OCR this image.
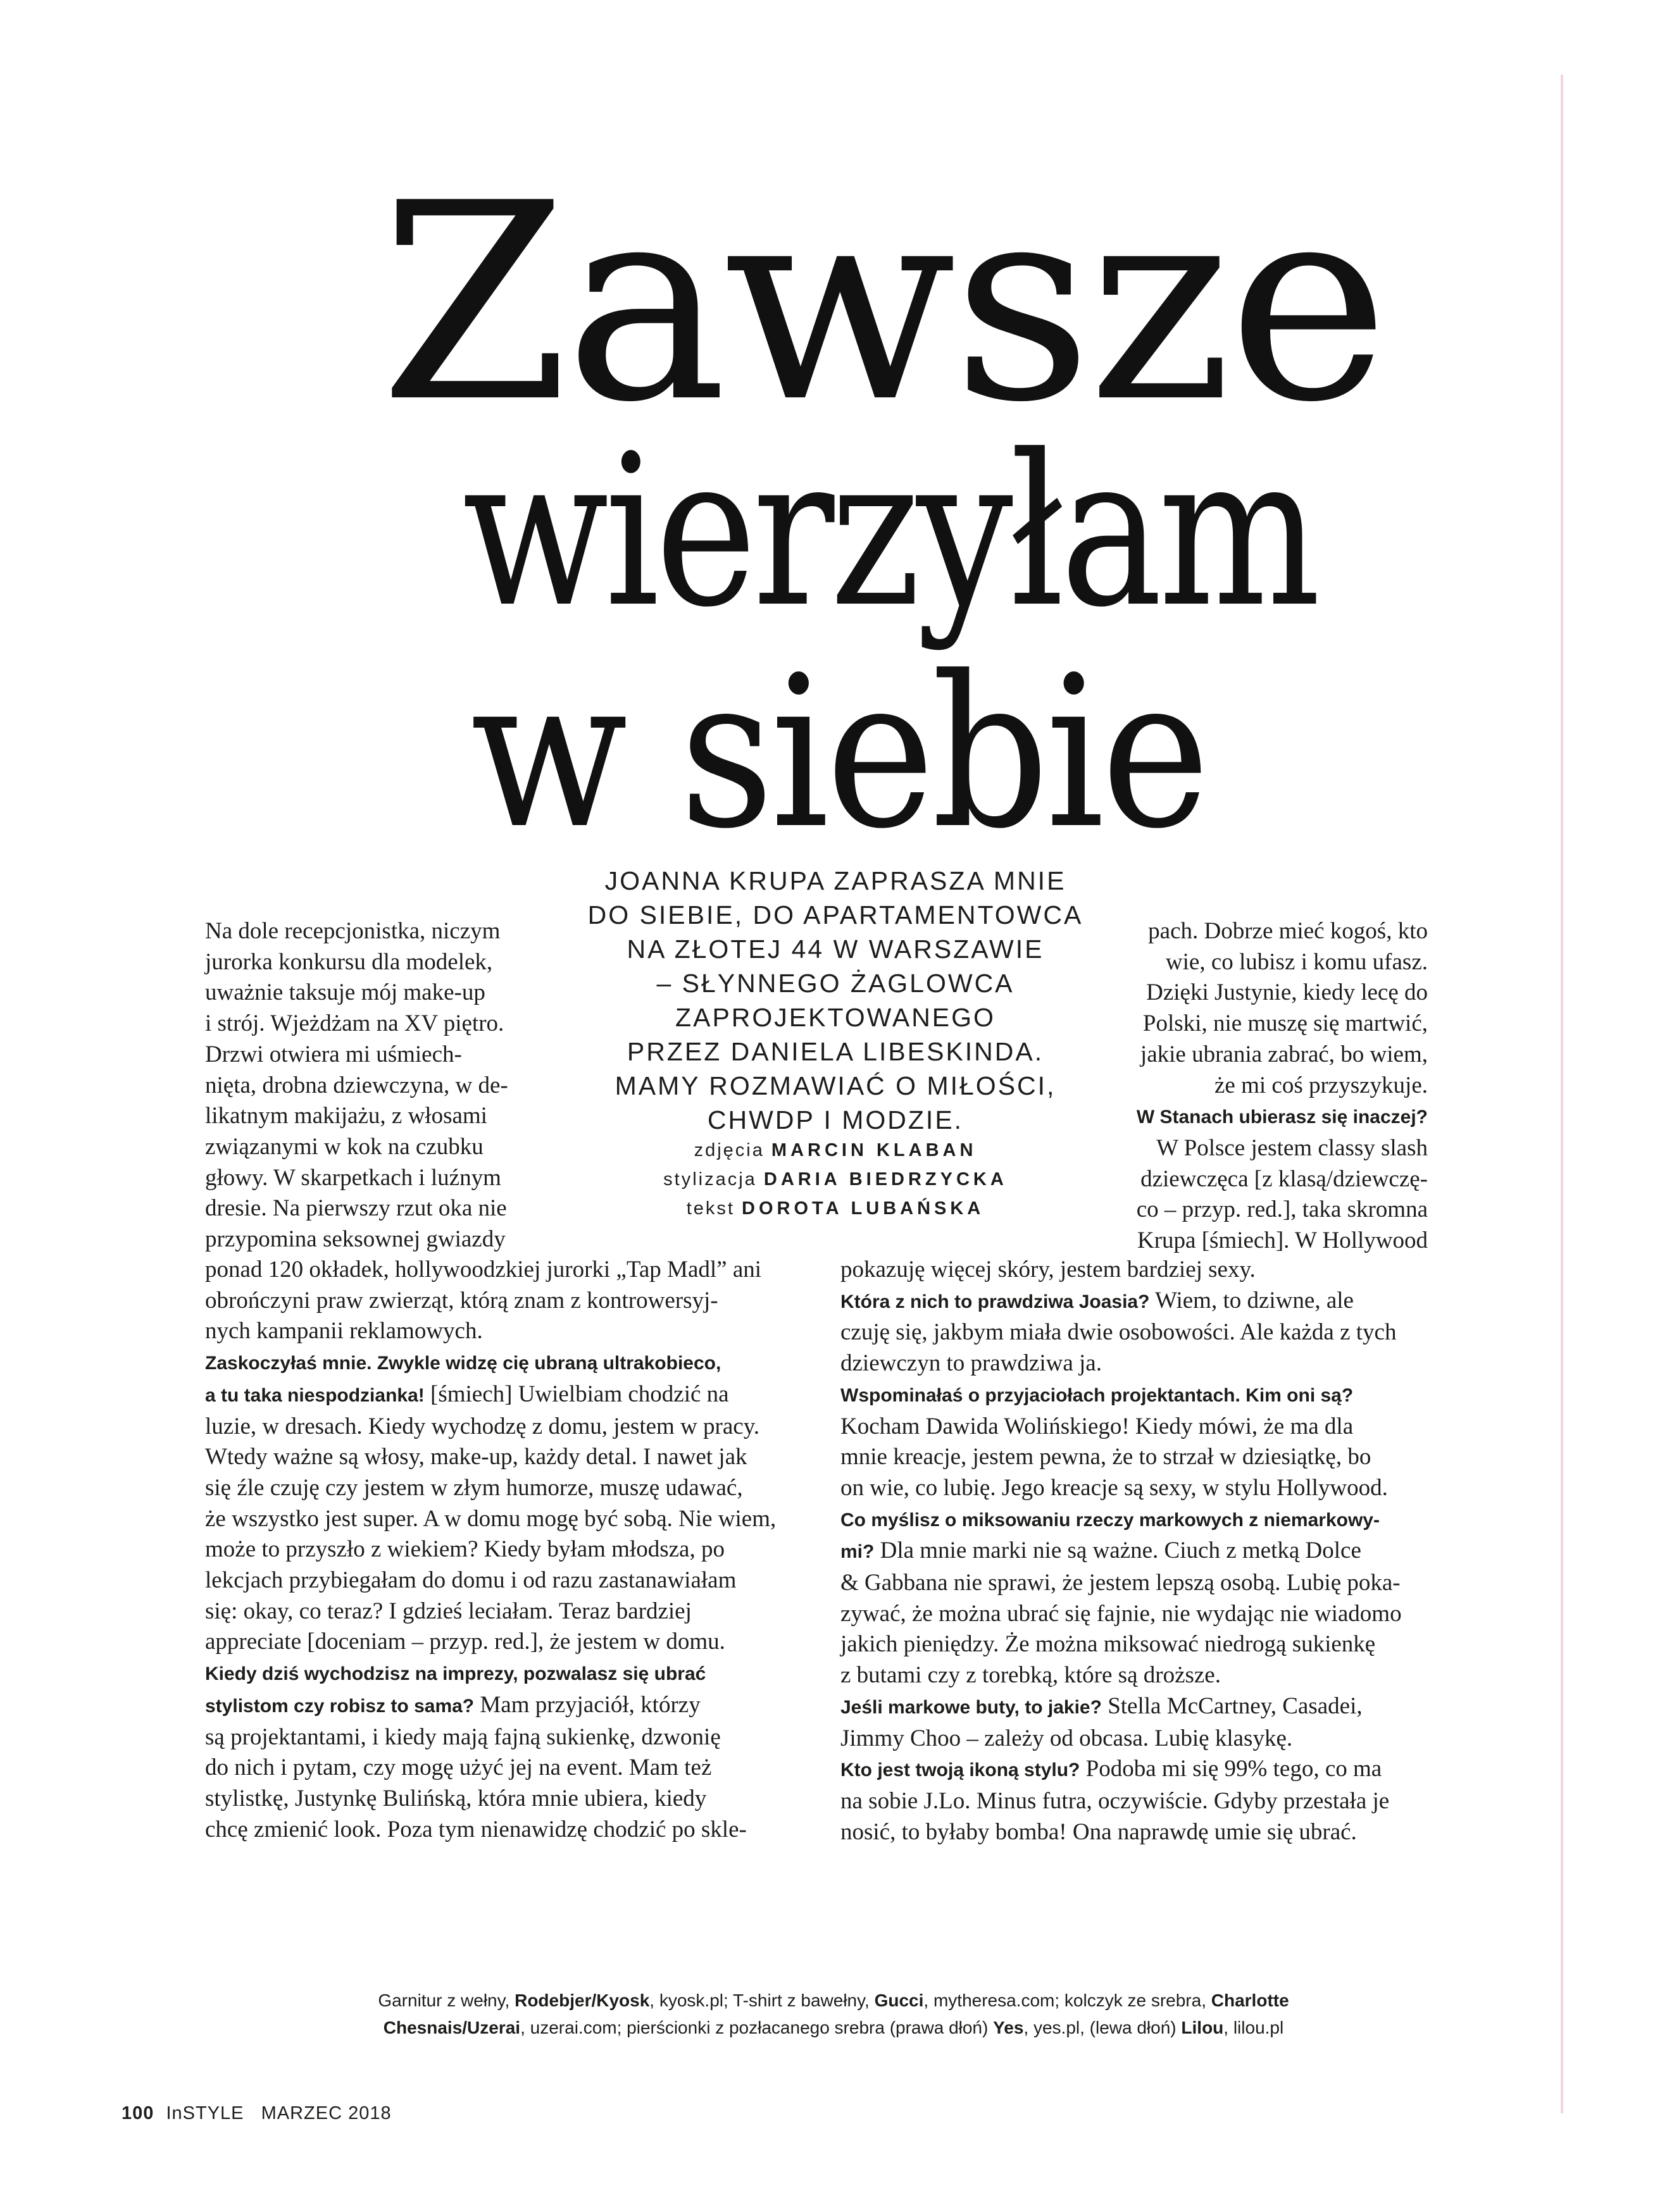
Zawsze
wierzyłam
w siebie

JOANNA KRUPA ZAPRASZA MNIE

DO SIEBIE, DO APARTAMENTOWCA

NA ZŁOTEJ 44 W WARSZAWIE

– SŁYNNEGO ŻAGLOWCA

ZAPROJEKTOWANEGO

PRZEZ DANIELA LIBESKINDA.

MAMY ROZMAWIAĆ O MIŁOŚCI,

CHWDP I MODZIE.

zdjęcia MARCIN KLABAN
stylizacja DARIA BIEDRZYCKA
tekst DOROTA LUBAŃSKA
Na dole recepcjonistka, niczym
jurorka konkursu dla modelek,
uważnie taksuje mój make-up
i strój. Wjeżdżam na XV piętro.
Drzwi otwiera mi uśmiech-
nięta, drobna dziewczyna, w de-
likatnym makijażu, z włosami
związanymi w kok na czubku
głowy. W skarpetkach i luźnym
dresie. Na pierwszy rzut oka nie
przypomina seksownej gwiazdy
ponad 120 okładek, hollywoodzkiej jurorki „Tap Madl” ani
obrończyni praw zwierząt, którą znam z kontrowersyj-
nych kampanii reklamowych.
Zaskoczyłaś mnie. Zwykle widzę cię ubraną ultrakobieco,
a tu taka niespodzianka! [śmiech] Uwielbiam chodzić na
luzie, w dresach. Kiedy wychodzę z domu, jestem w pracy.
Wtedy ważne są włosy, make-up, każdy detal. I nawet jak
się źle czuję czy jestem w złym humorze, muszę udawać,
że wszystko jest super. A w domu mogę być sobą. Nie wiem,
może to przyszło z wiekiem? Kiedy byłam młodsza, po
lekcjach przybiegałam do domu i od razu zastanawiałam
się: okay, co teraz? I gdzieś leciałam. Teraz bardziej
appreciate [doceniam – przyp. red.], że jestem w domu.
Kiedy dziś wychodzisz na imprezy, pozwalasz się ubrać
stylistom czy robisz to sama? Mam przyjaciół, którzy
są projektantami, i kiedy mają fajną sukienkę, dzwonię
do nich i pytam, czy mogę użyć jej na event. Mam też
stylistkę, Justynkę Bulińską, która mnie ubiera, kiedy
chcę zmienić look. Poza tym nienawidzę chodzić po skle-
pach. Dobrze mieć kogoś, kto
wie, co lubisz i komu ufasz.
Dzięki Justynie, kiedy lecę do
Polski, nie muszę się martwić,
jakie ubrania zabrać, bo wiem,
że mi coś przyszykuje.
W Stanach ubierasz się inaczej?
W Polsce jestem classy slash
dziewczęca [z klasą/dziewczę-
co – przyp. red.], taka skromna
Krupa [śmiech]. W Hollywood
pokazuję więcej skóry, jestem bardziej sexy.
Która z nich to prawdziwa Joasia? Wiem, to dziwne, ale
czuję się, jakbym miała dwie osobowości. Ale każda z tych
dziewczyn to prawdziwa ja.
Wspominałaś o przyjaciołach projektantach. Kim oni są?
Kocham Dawida Wolińskiego! Kiedy mówi, że ma dla
mnie kreacje, jestem pewna, że to strzał w dziesiątkę, bo
on wie, co lubię. Jego kreacje są sexy, w stylu Hollywood.
Co myślisz o miksowaniu rzeczy markowych z niemarkowy-
mi? Dla mnie marki nie są ważne. Ciuch z metką Dolce
& Gabbana nie sprawi, że jestem lepszą osobą. Lubię poka-
zywać, że można ubrać się fajnie, nie wydając nie wiadomo
jakich pieniędzy. Że można miksować niedrogą sukienkę
z butami czy z torebką, które są droższe.
Jeśli markowe buty, to jakie? Stella McCartney, Casadei,
Jimmy Choo – zależy od obcasa. Lubię klasykę.
Kto jest twoją ikoną stylu? Podoba mi się 99% tego, co ma
na sobie J.Lo. Minus futra, oczywiście. Gdyby przestała je
nosić, to byłaby bomba! Ona naprawdę umie się ubrać.
Garnitur z wełny, Rodebjer/Kyosk, kyosk.pl; T-shirt z bawełny, Gucci, mytheresa.com; kolczyk ze srebra, Charlotte
Chesnais/Uzerai, uzerai.com; pierścionki z pozłacanego srebra (prawa dłoń) Yes, yes.pl, (lewa dłoń) Lilou, lilou.pl
100 InSTYLE MARZEC 2018
